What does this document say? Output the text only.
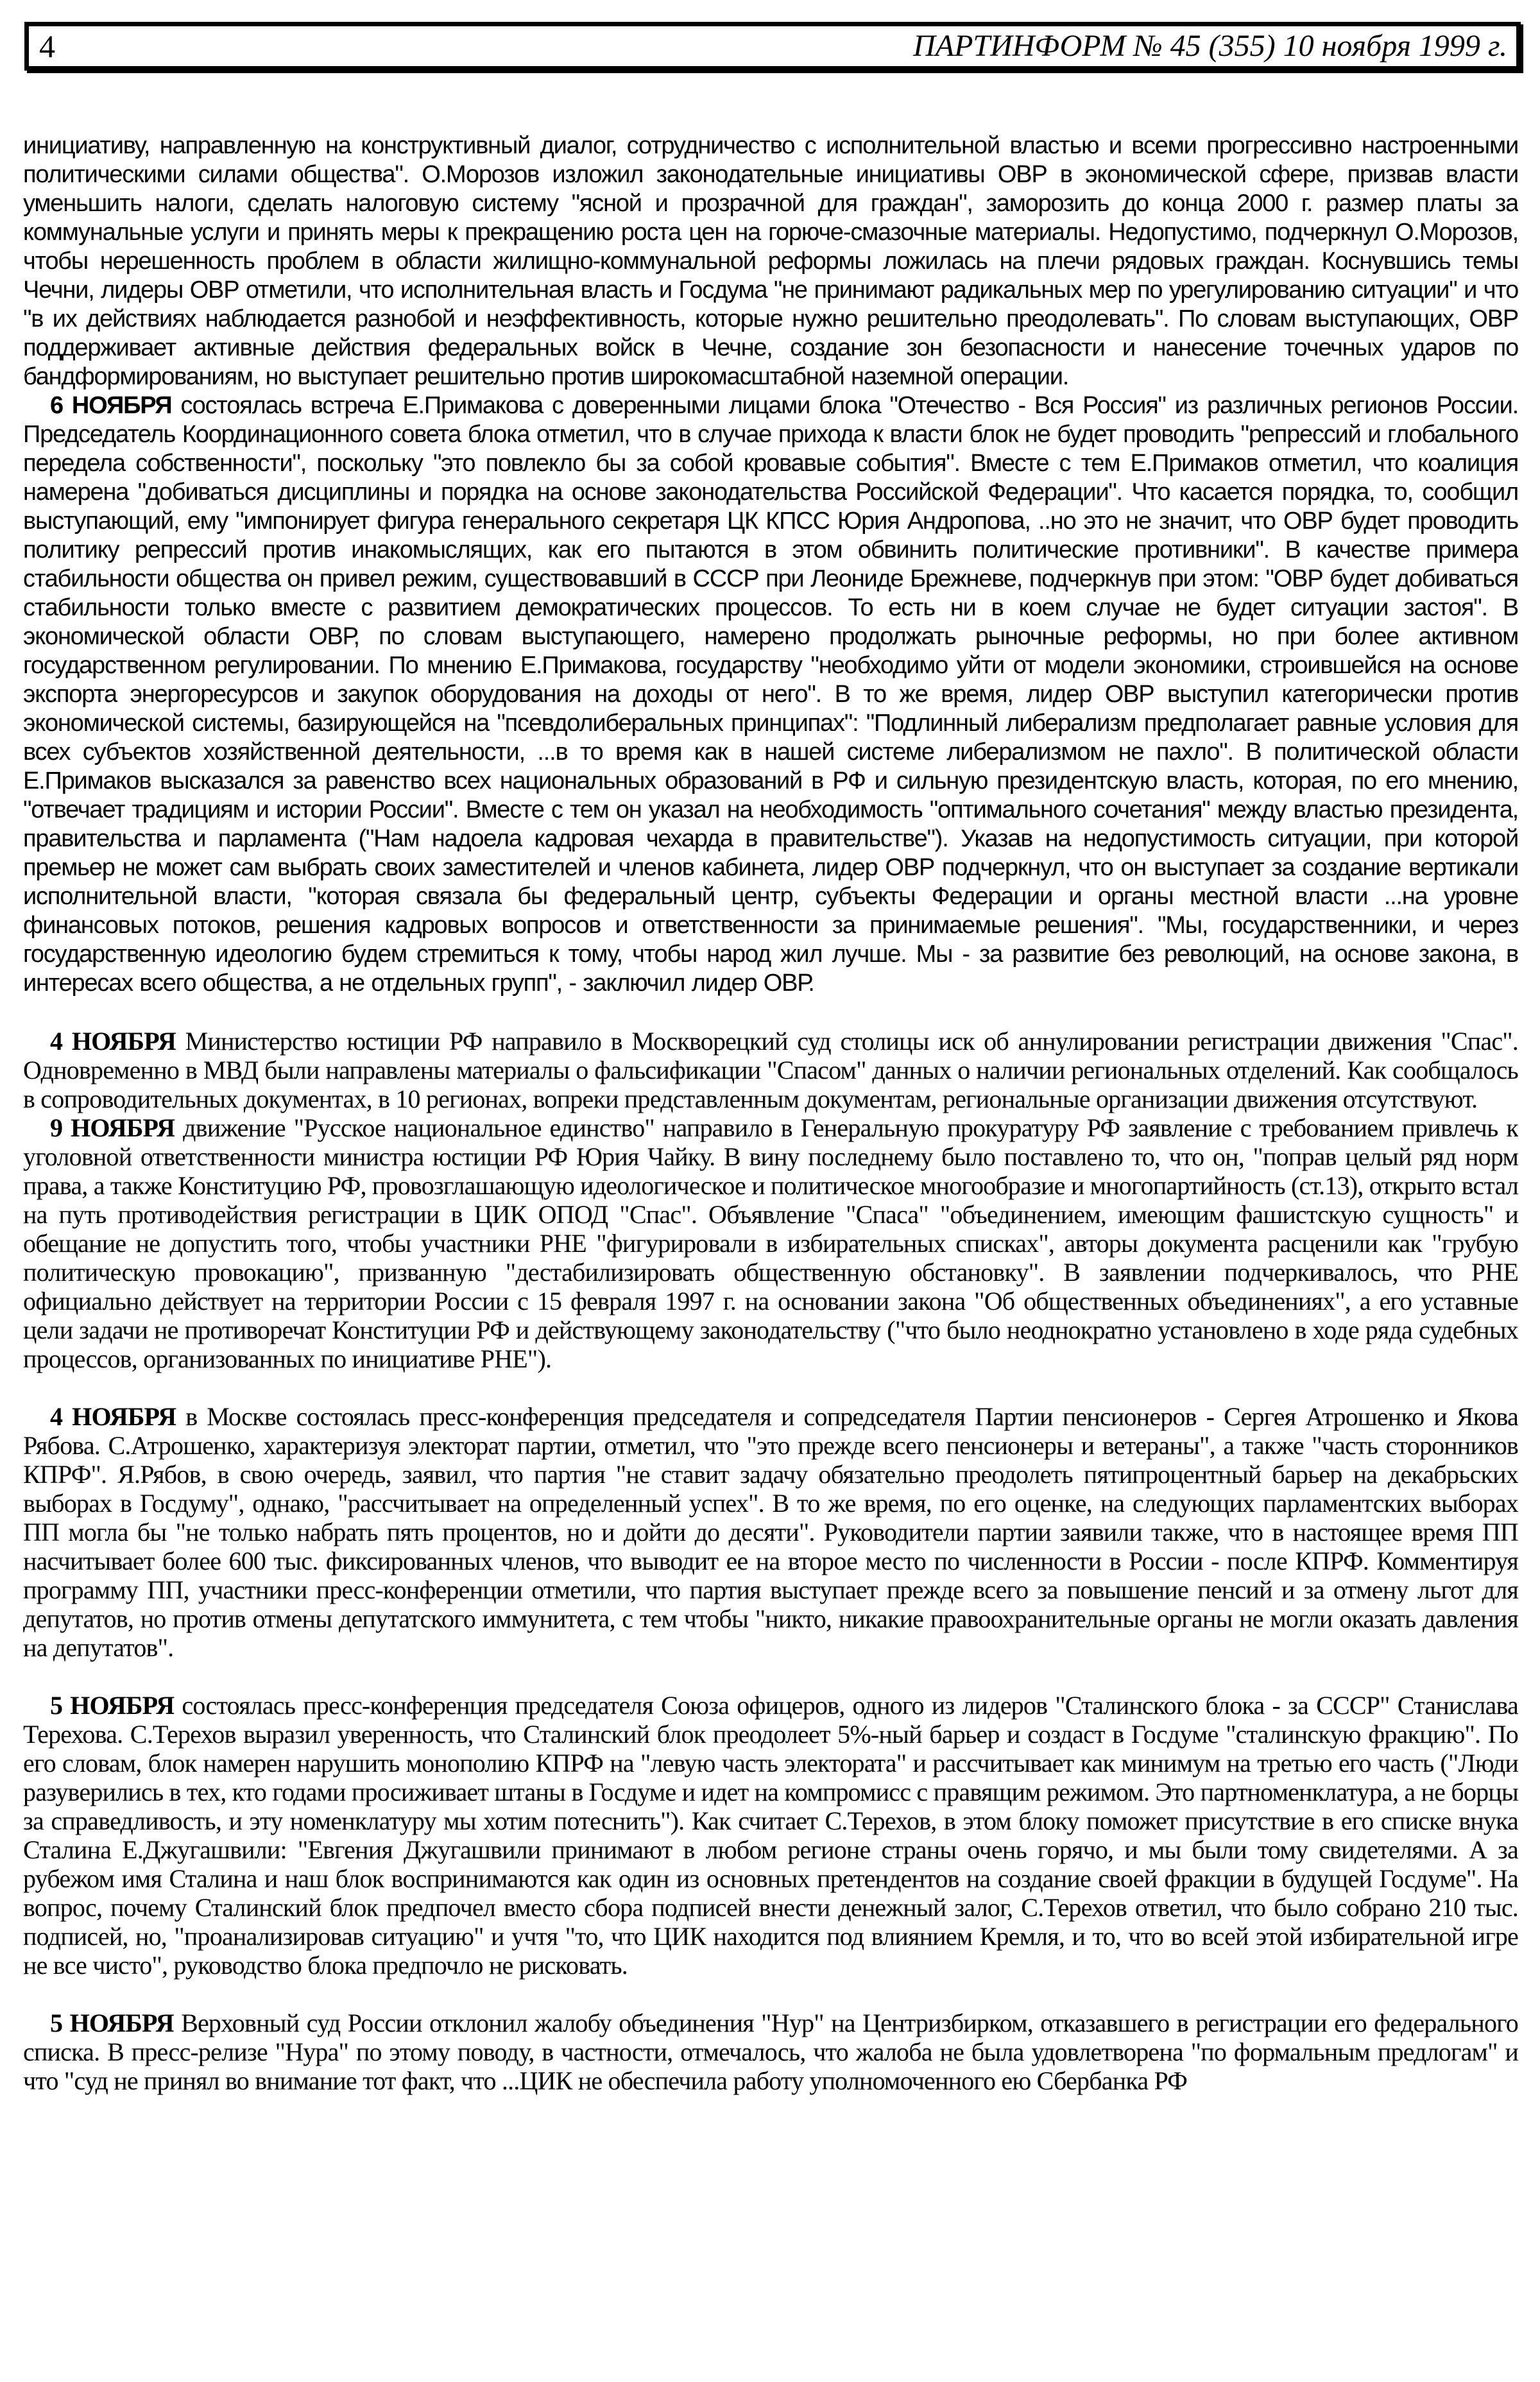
4	ПАРТИНФОРМ № 45 (355) 10 ноября 1999 г.

инициативу, направленную на конструктивный диалог, сотрудничество с исполнительной властью и всеми прогрессивно настроенными политическими силами общества". О.Морозов изложил законодательные инициативы ОВР в экономической сфере, призвав власти уменьшить налоги, сделать налоговую систему "ясной и прозрачной для граждан", заморозить до конца 2000 г. размер платы за коммунальные услуги и принять меры к прекращению роста цен на горюче-смазочные материалы. Недопустимо, подчеркнул О.Морозов, чтобы нерешенность проблем в области жилищно-коммунальной реформы ложилась на плечи рядовых граждан. Коснувшись темы Чечни, лидеры ОВР отметили, что исполнительная власть и Госдума "не принимают радикальных мер по урегулированию ситуации" и что "в их действиях наблюдается разнобой и неэффективность, которые нужно решительно преодолевать". По словам выступающих, ОВР поддерживает активные действия федеральных войск в Чечне, создание зон безопасности и нанесение точечных ударов по бандформированиям, но выступает решительно против широкомасштабной наземной операции.

6 НОЯБРЯ состоялась встреча Е.Примакова с доверенными лицами блока "Отечество - Вся Россия" из различных регионов России. Председатель Координационного совета блока отметил, что в случае прихода к власти блок не будет проводить "репрессий и глобального передела собственности", поскольку "это повлекло бы за собой кровавые события". Вместе с тем Е.Примаков отметил, что коалиция намерена "добиваться дисциплины и порядка на основе законодательства Российской Федерации". Что касается порядка, то, сообщил выступающий, ему "импонирует фигура генерального секретаря ЦК КПСС Юрия Андропова, ..но это не значит, что ОВР будет проводить политику репрессий против инакомыслящих, как его пытаются в этом обвинить политические противники". В качестве примера стабильности общества он привел режим, существовавший в СССР при Леониде Брежневе, подчеркнув при этом: "ОВР будет добиваться стабильности только вместе с развитием демократических процессов. То есть ни в коем случае не будет ситуации застоя". В экономической области ОВР, по словам выступающего, намерено продолжать рыночные реформы, но при более активном государственном регулировании. По мнению Е.Примакова, государству "необходимо уйти от модели экономики, строившейся на основе экспорта энергоресурсов и закупок оборудования на доходы от него". В то же время, лидер ОВР выступил категорически против экономической системы, базирующейся на "псевдолиберальных принципах": "Подлинный либерализм предполагает равные условия для всех субъектов хозяйственной деятельности, ...в то время как в нашей системе либерализмом не пахло". В политической области Е.Примаков высказался за равенство всех национальных образований в РФ и сильную президентскую власть, которая, по его мнению, "отвечает традициям и истории России". Вместе с тем он указал на необходимость "оптимального сочетания" между властью президента, правительства и парламента ("Нам надоела кадровая чехарда в правительстве"). Указав на недопустимость ситуации, при которой премьер не может сам выбрать своих заместителей и членов кабинета, лидер ОВР подчеркнул, что он выступает за создание вертикали исполнительной власти, "которая связала бы федеральный центр, субъекты Федерации и органы местной власти ...на уровне финансовых потоков, решения кадровых вопросов и ответственности за принимаемые решения". "Мы, государственники, и через государственную идеологию будем стремиться к тому, чтобы народ жил лучше. Мы - за развитие без революций, на основе закона, в интересах всего общества, а не отдельных групп", - заключил лидер ОВР.

4 НОЯБРЯ Министерство юстиции РФ направило в Москворецкий суд столицы иск об аннулировании регистрации движения "Спас". Одновременно в МВД были направлены материалы о фальсификации "Спасом" данных о наличии региональных отделений. Как сообщалось в сопроводительных документах, в 10 регионах, вопреки представленным документам, региональные организации движения отсутствуют.

9 НОЯБРЯ движение "Русское национальное единство" направило в Генеральную прокуратуру РФ заявление с требованием привлечь к уголовной ответственности министра юстиции РФ Юрия Чайку. В вину последнему было поставлено то, что он, "поправ целый ряд норм права, а также Конституцию РФ, провозглашающую идеологическое и политическое многообразие и многопартийность (ст.13), открыто встал на путь противодействия регистрации в ЦИК ОПОД "Спас". Объявление "Спаса" "объединением, имеющим фашистскую сущность" и обещание не допустить того, чтобы участники РНЕ "фигурировали в избирательных списках", авторы документа расценили как "грубую политическую провокацию", призванную "дестабилизировать общественную обстановку". В заявлении подчеркивалось, что РНЕ официально действует на территории России с 15 февраля 1997 г. на основании закона "Об общественных объединениях", а его уставные цели задачи не противоречат Конституции РФ и действующему законодательству ("что было неоднократно установлено в ходе ряда судебных процессов, организованных по инициативе РНЕ").

4 НОЯБРЯ в Москве состоялась пресс-конференция председателя и сопредседателя Партии пенсионеров - Сергея Атрошенко и Якова Рябова. С.Атрошенко, характеризуя электорат партии, отметил, что "это прежде всего пенсионеры и ветераны", а также "часть сторонников КПРФ". Я.Рябов, в свою очередь, заявил, что партия "не ставит задачу обязательно преодолеть пятипроцентный барьер на декабрьских выборах в Госдуму", однако, "рассчитывает на определенный успех". В то же время, по его оценке, на следующих парламентских выборах ПП могла бы "не только набрать пять процентов, но и дойти до десяти". Руководители партии заявили также, что в настоящее время ПП насчитывает более 600 тыс. фиксированных членов, что выводит ее на второе место по численности в России - после КПРФ. Комментируя программу ПП, участники пресс-конференции отметили, что партия выступает прежде всего за повышение пенсий и за отмену льгот для депутатов, но против отмены депутатского иммунитета, с тем чтобы "никто, никакие правоохранительные органы не могли оказать давления на депутатов".

5 НОЯБРЯ состоялась пресс-конференция председателя Союза офицеров, одного из лидеров "Сталинского блока - за СССР" Станислава Терехова. С.Терехов выразил уверенность, что Сталинский блок преодолеет 5%-ный барьер и создаст в Госдуме "сталинскую фракцию". По его словам, блок намерен нарушить монополию КПРФ на "левую часть электората" и рассчитывает как минимум на третью его часть ("Люди разуверились в тех, кто годами просиживает штаны в Госдуме и идет на компромисс с правящим режимом. Это партноменклатура, а не борцы за справедливость, и эту номенклатуру мы хотим потеснить"). Как считает С.Терехов, в этом блоку поможет присутствие в его списке внука Сталина Е.Джугашвили: "Евгения Джугашвили принимают в любом регионе страны очень горячо, и мы были тому свидетелями. А за рубежом имя Сталина и наш блок воспринимаются как один из основных претендентов на создание своей фракции в будущей Госдуме". На вопрос, почему Сталинский блок предпочел вместо сбора подписей внести денежный залог, С.Терехов ответил, что было собрано 210 тыс. подписей, но, "проанализировав ситуацию" и учтя "то, что ЦИК находится под влиянием Кремля, и то, что во всей этой избирательной игре не все чисто", руководство блока предпочло не рисковать.

5 НОЯБРЯ Верховный суд России отклонил жалобу объединения "Нур" на Центризбирком, отказавшего в регистрации его федерального списка. В пресс-релизе "Нура" по этому поводу, в частности, отмечалось, что жалоба не была удовлетворена "по формальным предлогам" и что "суд не принял во внимание тот факт, что ...ЦИК не обеспечила работу уполномоченного ею Сбербанка РФ
